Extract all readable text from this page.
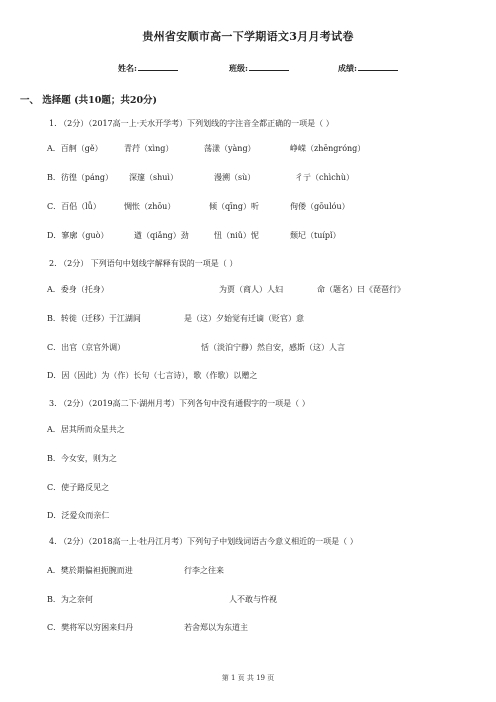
贵州省安顺市高一下学期语文3月月考试卷
姓名:	班级:	成绩:
一、 选择题 (共10题；共20分)
1. （2分）（2017高一上·天水开学考）下列划线的字注音全都正确的一项是（ ）
A．百舸（gě）	青荇（xìng）	荡漾（yàng）	峥嵘（zhēngróng）
B．彷徨（páng） 深邃（shuì）	漫溯（sù）	彳亍（chìchù）
C．百侣（lǚ）	惆怅（zhōu）	倾（qīng）听	佝偻（gōulóu）
D．寥廓（guò）	遒（qiǎng）劲	忸（niǔ）怩	颓圮（tuípǐ）
2. （2分） 下列语句中划线字解释有误的一项是（ ）
A．委身（托身）	为贾（商人）人妇	命（题名）曰《琵琶行》
B．转徙（迁移）于江湖间	是（这）夕始觉有迁谪（贬官）意
C．出官（京官外调）	恬（淡泊宁静）然自安，感斯（这）人言
D．因（因此）为（作）长句（七言诗），歌（作歌）以赠之
3. （2分）（2019高二下·湖州月考）下列各句中没有通假字的一项是（ ）
A．居其所而众星共之
B．今女安，则为之
C．使子路反见之
D．泛爱众而亲仁
4. （2分）（2018高一上·牡丹江月考）下列句子中划线词语古今意义相近的一项是（ ）
A．樊於期偏袒扼腕而进	行李之往来
B．为之奈何	人不敢与忤视
C．樊将军以穷困来归丹	若舍郑以为东道主
第 1 页 共 19 页
